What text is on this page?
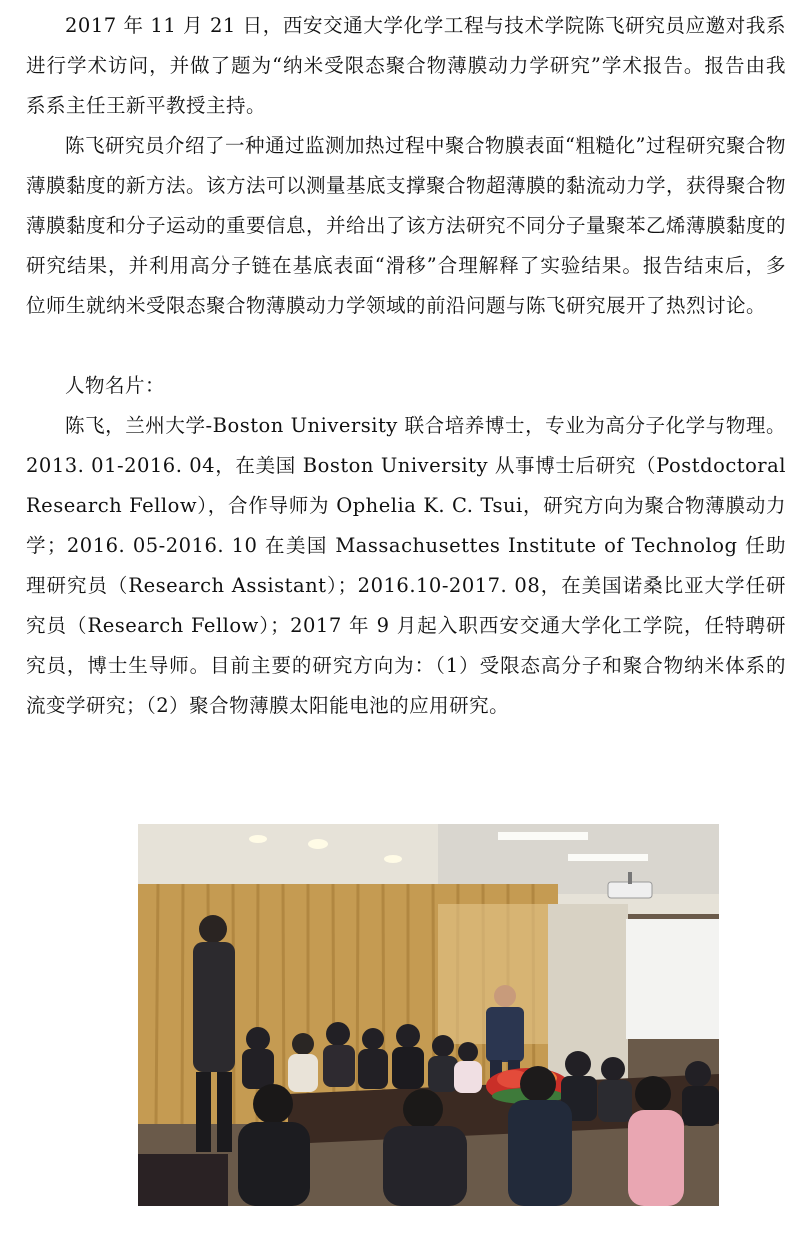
2017 年 11 月 21 日，西安交通大学化学工程与技术学院陈飞研究员应邀对我系进行学术访问，并做了题为“纳米受限态聚合物薄膜动力学研究”学术报告。报告由我系系主任王新平教授主持。

陈飞研究员介绍了一种通过监测加热过程中聚合物膜表面“粗糙化”过程研究聚合物薄膜黏度的新方法。该方法可以测量基底支撑聚合物超薄膜的黏流动力学，获得聚合物薄膜黏度和分子运动的重要信息，并给出了该方法研究不同分子量聚苯乙烯薄膜黏度的研究结果，并利用高分子链在基底表面“滑移”合理解释了实验结果。报告结束后，多位师生就纳米受限态聚合物薄膜动力学领域的前沿问题与陈飞研究展开了热烈讨论。

人物名片：

陈飞，兰州大学-Boston University 联合培养博士，专业为高分子化学与物理。2013. 01-2016. 04，在美国 Boston University 从事博士后研究（Postdoctoral Research Fellow），合作导师为 Ophelia K. C. Tsui，研究方向为聚合物薄膜动力学；2016. 05-2016. 10 在美国 Massachusettes Institute of Technolog 任助理研究员（Research Assistant）；2016.10-2017. 08，在美国诺桑比亚大学任研究员（Research Fellow）；2017 年 9 月起入职西安交通大学化工学院，任特聘研究员，博士生导师。目前主要的研究方向为：（1）受限态高分子和聚合物纳米体系的流变学研究；（2）聚合物薄膜太阳能电池的应用研究。
